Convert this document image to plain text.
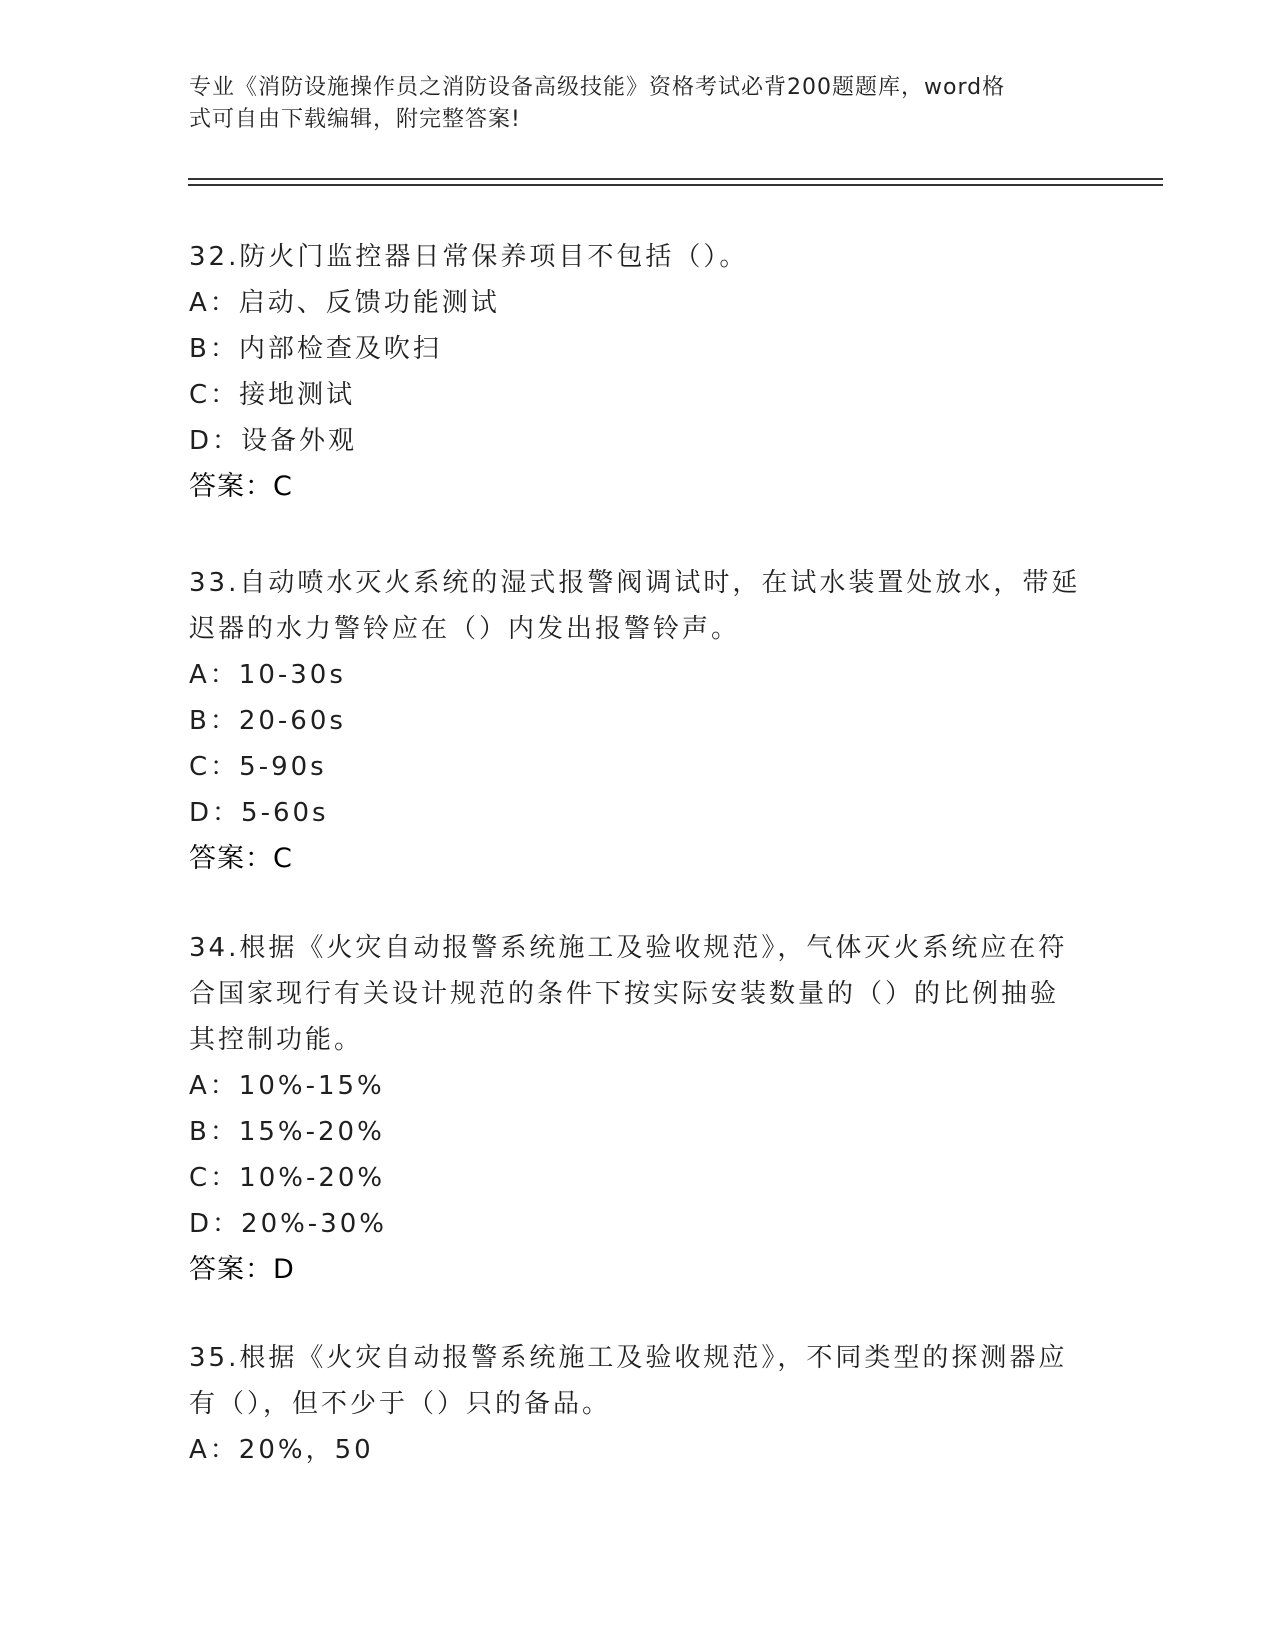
专业《消防设施操作员之消防设备高级技能》资格考试必背200题题库，word格
式可自由下载编辑，附完整答案!

32.防火门监控器日常保养项目不包括（）。

A：启动、反馈功能测试

B：内部检查及吹扫

C：接地测试

D：设备外观

答案：C

33.自动喷水灭火系统的湿式报警阀调试时，在试水装置处放水，带延

迟器的水力警铃应在（）内发出报警铃声。

A：10-30s

B：20-60s

C：5-90s

D：5-60s

答案：C

34.根据《火灾自动报警系统施工及验收规范》，气体灭火系统应在符

合国家现行有关设计规范的条件下按实际安装数量的（）的比例抽验

其控制功能。

A：10%-15%

B：15%-20%

C：10%-20%

D：20%-30%

答案：D

35.根据《火灾自动报警系统施工及验收规范》，不同类型的探测器应

有（），但不少于（）只的备品。

A：20%，50
